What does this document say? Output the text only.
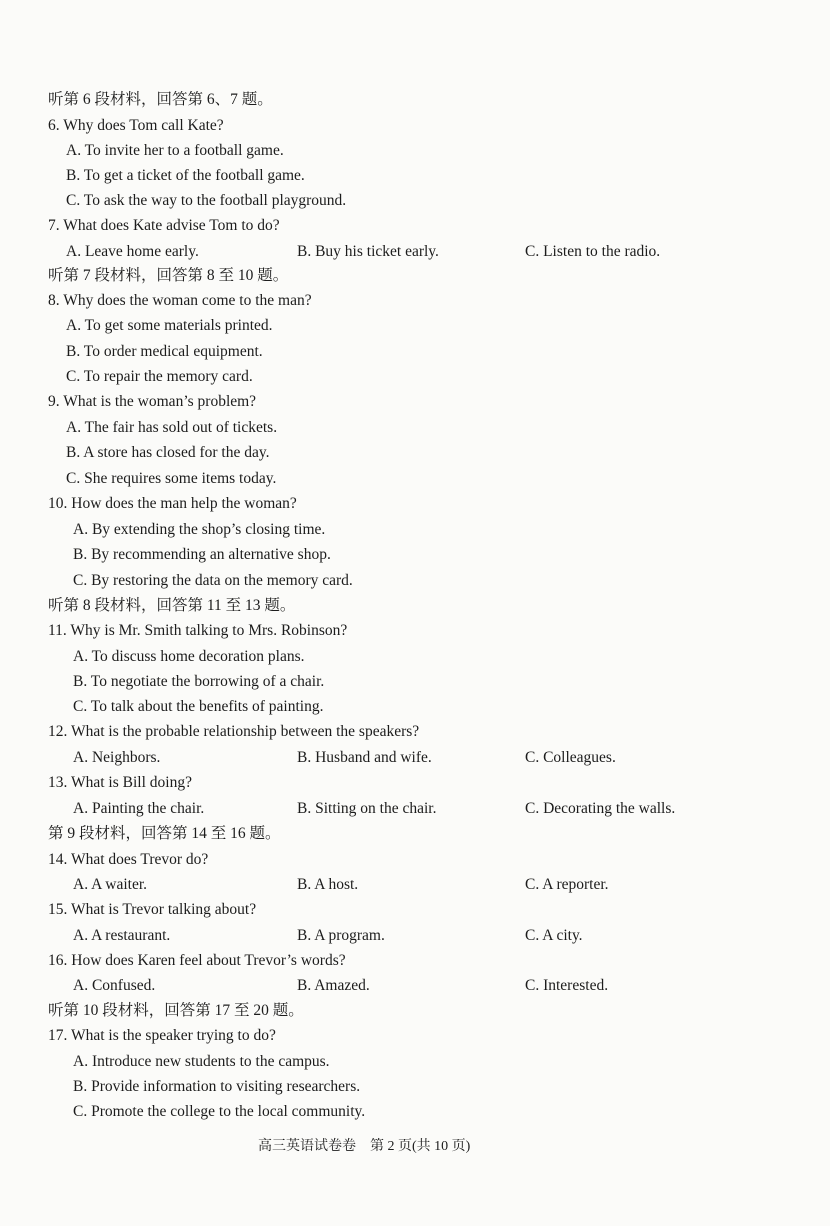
听第 6 段材料，回答第 6、7 题。
6. Why does Tom call Kate?
A. To invite her to a football game.
B. To get a ticket of the football game.
C. To ask the way to the football playground.
7. What does Kate advise Tom to do?
A. Leave home early.	B. Buy his ticket early.	C. Listen to the radio.
听第 7 段材料，回答第 8 至 10 题。
8. Why does the woman come to the man?
A. To get some materials printed.
B. To order medical equipment.
C. To repair the memory card.
9. What is the woman’s problem?
A. The fair has sold out of tickets.
B. A store has closed for the day.
C. She requires some items today.
10. How does the man help the woman?
A. By extending the shop’s closing time.
B. By recommending an alternative shop.
C. By restoring the data on the memory card.
听第 8 段材料，回答第 11 至 13 题。
11. Why is Mr. Smith talking to Mrs. Robinson?
A. To discuss home decoration plans.
B. To negotiate the borrowing of a chair.
C. To talk about the benefits of painting.
12. What is the probable relationship between the speakers?
A. Neighbors.	B. Husband and wife.	C. Colleagues.
13. What is Bill doing?
A. Painting the chair.	B. Sitting on the chair.	C. Decorating the walls.
第 9 段材料，回答第 14 至 16 题。
14. What does Trevor do?
A. A waiter.	B. A host.	C. A reporter.
15. What is Trevor talking about?
A. A restaurant.	B. A program.	C. A city.
16. How does Karen feel about Trevor’s words?
A. Confused.	B. Amazed.	C. Interested.
听第 10 段材料，回答第 17 至 20 题。
17. What is the speaker trying to do?
A. Introduce new students to the campus.
B. Provide information to visiting researchers.
C. Promote the college to the local community.
高三英语试卷卷　第 2 页(共 10 页)
